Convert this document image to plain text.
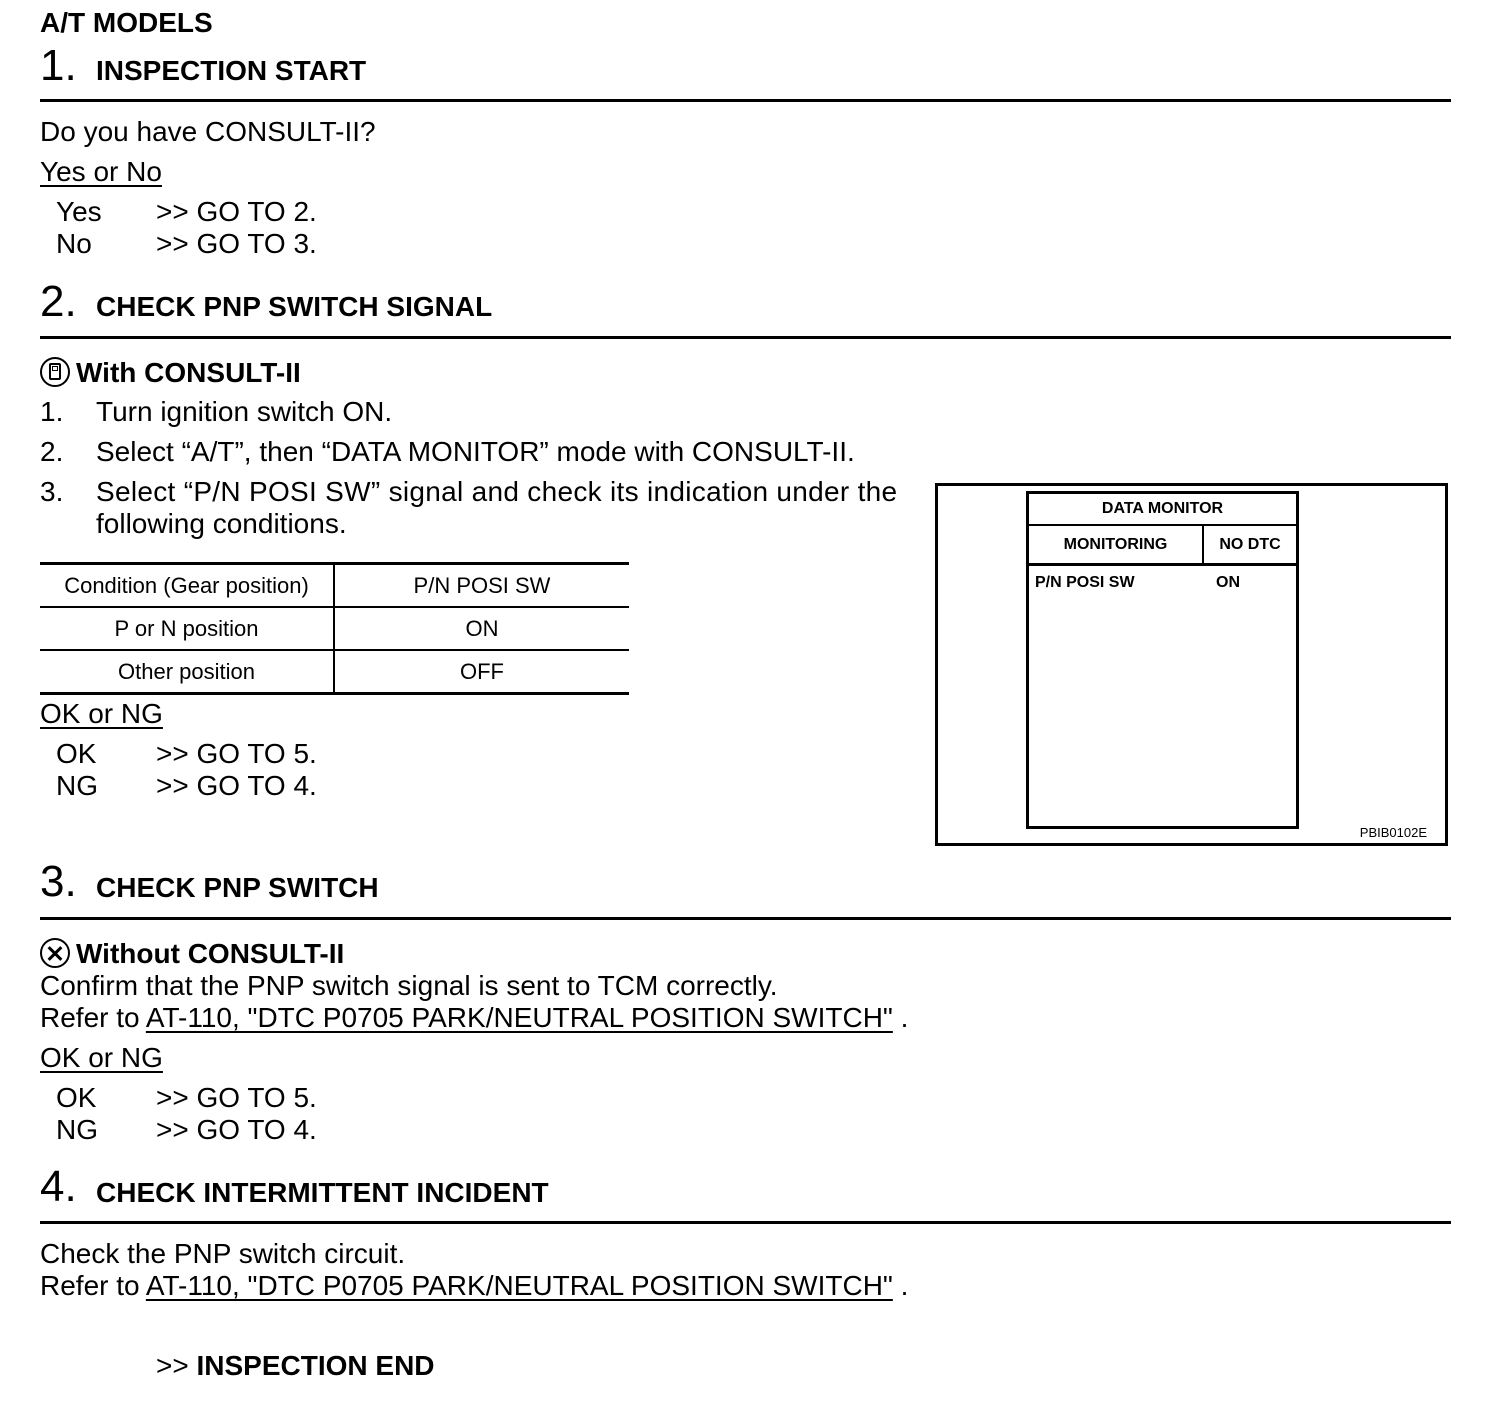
A/T MODELS
1. INSPECTION START
Do you have CONSULT-II?
Yes or No
Yes >> GO TO 2.
No >> GO TO 3.
2. CHECK PNP SWITCH SIGNAL
With CONSULT-II
1. Turn ignition switch ON.
2. Select “A/T”, then “DATA MONITOR” mode with CONSULT-II.
3. Select “P/N POSI SW” signal and check its indication under the
following conditions.
Condition (Gear position)	P/N POSI SW
P or N position	ON
Other position	OFF
OK or NG
OK >> GO TO 5.
NG >> GO TO 4.
DATA MONITOR
MONITORING	NO DTC
P/N POSI SW	ON
PBIB0102E
3. CHECK PNP SWITCH
Without CONSULT-II
Confirm that the PNP switch signal is sent to TCM correctly.
Refer to AT-110, "DTC P0705 PARK/NEUTRAL POSITION SWITCH" .
OK or NG
OK >> GO TO 5.
NG >> GO TO 4.
4. CHECK INTERMITTENT INCIDENT
Check the PNP switch circuit.
Refer to AT-110, "DTC P0705 PARK/NEUTRAL POSITION SWITCH" .
>> INSPECTION END
